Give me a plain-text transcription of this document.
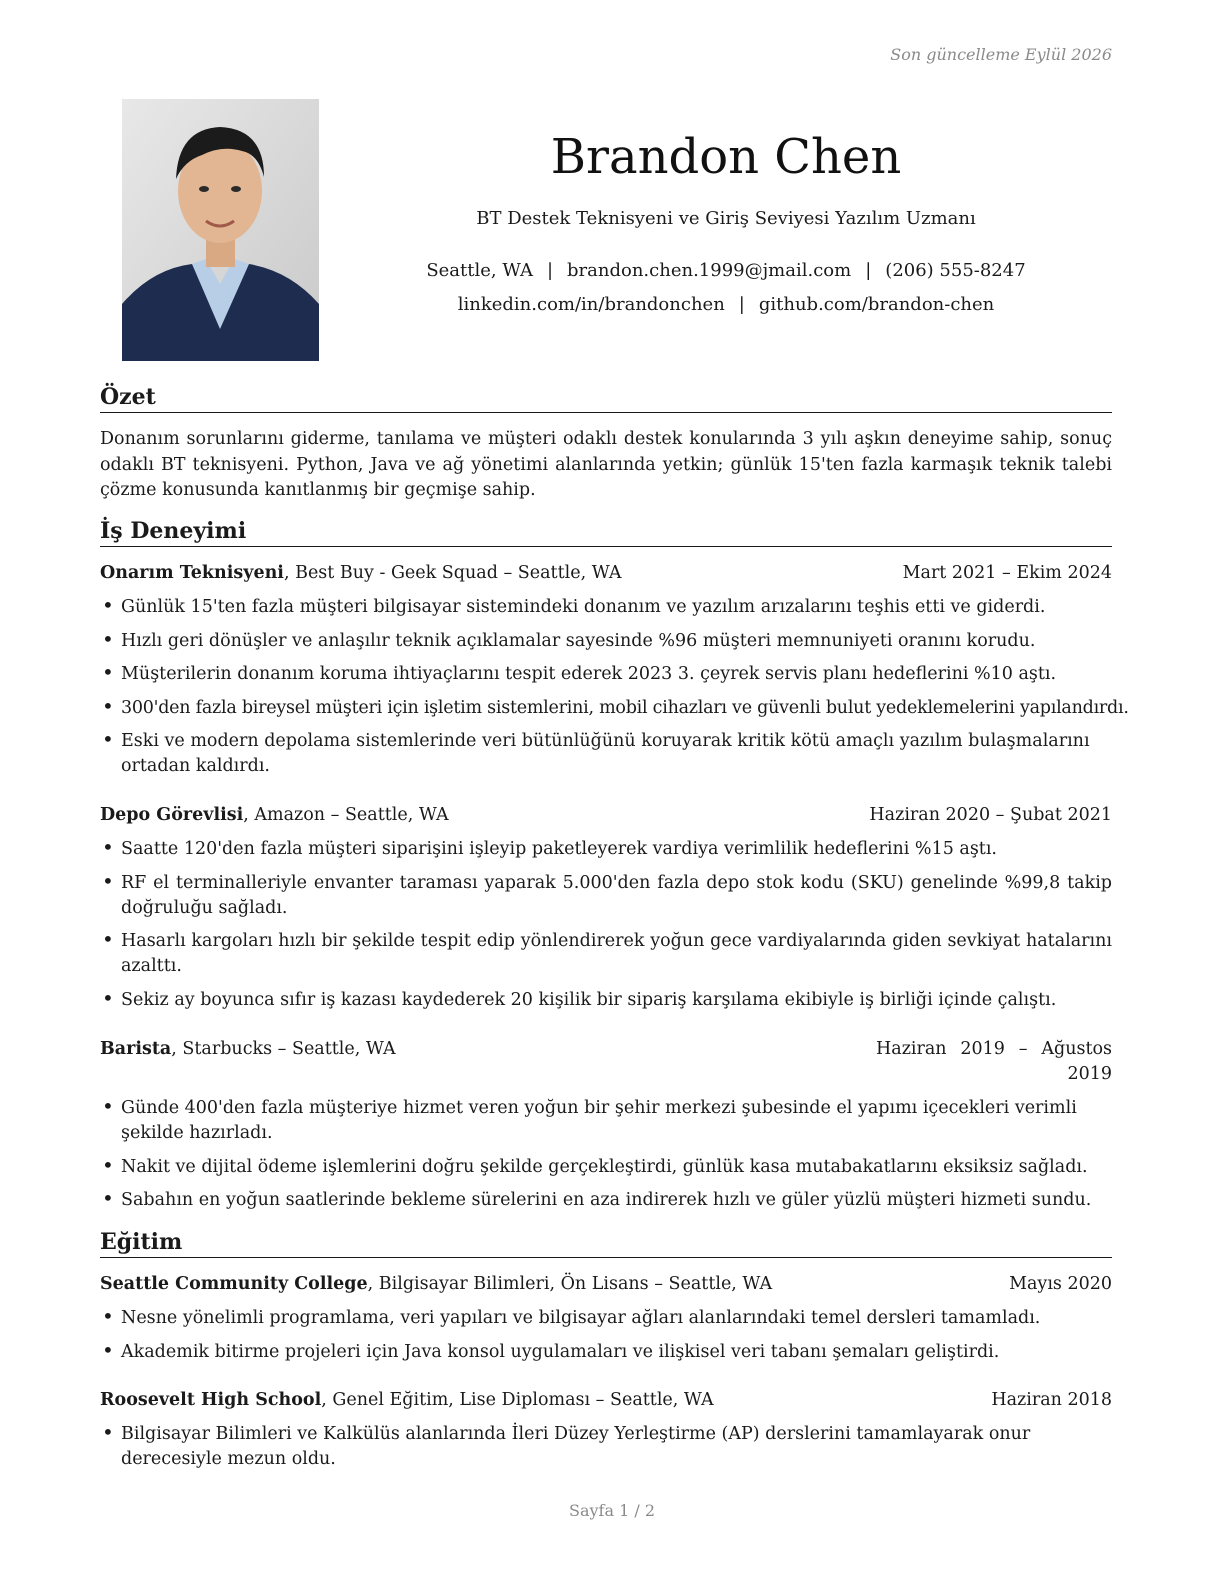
Son güncelleme Eylül 2026
Brandon Chen
BT Destek Teknisyeni ve Giriş Seviyesi Yazılım Uzmanı
Seattle, WA | brandon.chen.1999@jmail.com | (206) 555-8247
linkedin.com/in/brandonchen | github.com/brandon-chen
Özet
Donanım sorunlarını giderme, tanılama ve müşteri odaklı destek konularında 3 yılı aşkın deneyime sahip, sonuç odaklı BT teknisyeni. Python, Java ve ağ yönetimi alanlarında yetkin; günlük 15'ten fazla karmaşık teknik talebi çözme konusunda kanıtlanmış bir geçmişe sahip.
İş Deneyimi
Onarım Teknisyeni, Best Buy - Geek Squad – Seattle, WA	Mart 2021 – Ekim 2024
• Günlük 15'ten fazla müşteri bilgisayar sistemindeki donanım ve yazılım arızalarını teşhis etti ve giderdi.
• Hızlı geri dönüşler ve anlaşılır teknik açıklamalar sayesinde %96 müşteri memnuniyeti oranını korudu.
• Müşterilerin donanım koruma ihtiyaçlarını tespit ederek 2023 3. çeyrek servis planı hedeflerini %10 aştı.
• 300'den fazla bireysel müşteri için işletim sistemlerini, mobil cihazları ve güvenli bulut yedeklemelerini yapılandırdı.
• Eski ve modern depolama sistemlerinde veri bütünlüğünü koruyarak kritik kötü amaçlı yazılım bulaşmalarını ortadan kaldırdı.
Depo Görevlisi, Amazon – Seattle, WA	Haziran 2020 – Şubat 2021
• Saatte 120'den fazla müşteri siparişini işleyip paketleyerek vardiya verimlilik hedeflerini %15 aştı.
• RF el terminalleriyle envanter taraması yaparak 5.000'den fazla depo stok kodu (SKU) genelinde %99,8 takip doğruluğu sağladı.
• Hasarlı kargoları hızlı bir şekilde tespit edip yönlendirerek yoğun gece vardiyalarında giden sevkiyat hatalarını azalttı.
• Sekiz ay boyunca sıfır iş kazası kaydederek 20 kişilik bir sipariş karşılama ekibiyle iş birliği içinde çalıştı.
Barista, Starbucks – Seattle, WA	Haziran 2019 – Ağustos 2019
• Günde 400'den fazla müşteriye hizmet veren yoğun bir şehir merkezi şubesinde el yapımı içecekleri verimli şekilde hazırladı.
• Nakit ve dijital ödeme işlemlerini doğru şekilde gerçekleştirdi, günlük kasa mutabakatlarını eksiksiz sağladı.
• Sabahın en yoğun saatlerinde bekleme sürelerini en aza indirerek hızlı ve güler yüzlü müşteri hizmeti sundu.
Eğitim
Seattle Community College, Bilgisayar Bilimleri, Ön Lisans – Seattle, WA	Mayıs 2020
• Nesne yönelimli programlama, veri yapıları ve bilgisayar ağları alanlarındaki temel dersleri tamamladı.
• Akademik bitirme projeleri için Java konsol uygulamaları ve ilişkisel veri tabanı şemaları geliştirdi.
Roosevelt High School, Genel Eğitim, Lise Diploması – Seattle, WA	Haziran 2018
• Bilgisayar Bilimleri ve Kalkülüs alanlarında İleri Düzey Yerleştirme (AP) derslerini tamamlayarak onur derecesiyle mezun oldu.
Sayfa 1 / 2
